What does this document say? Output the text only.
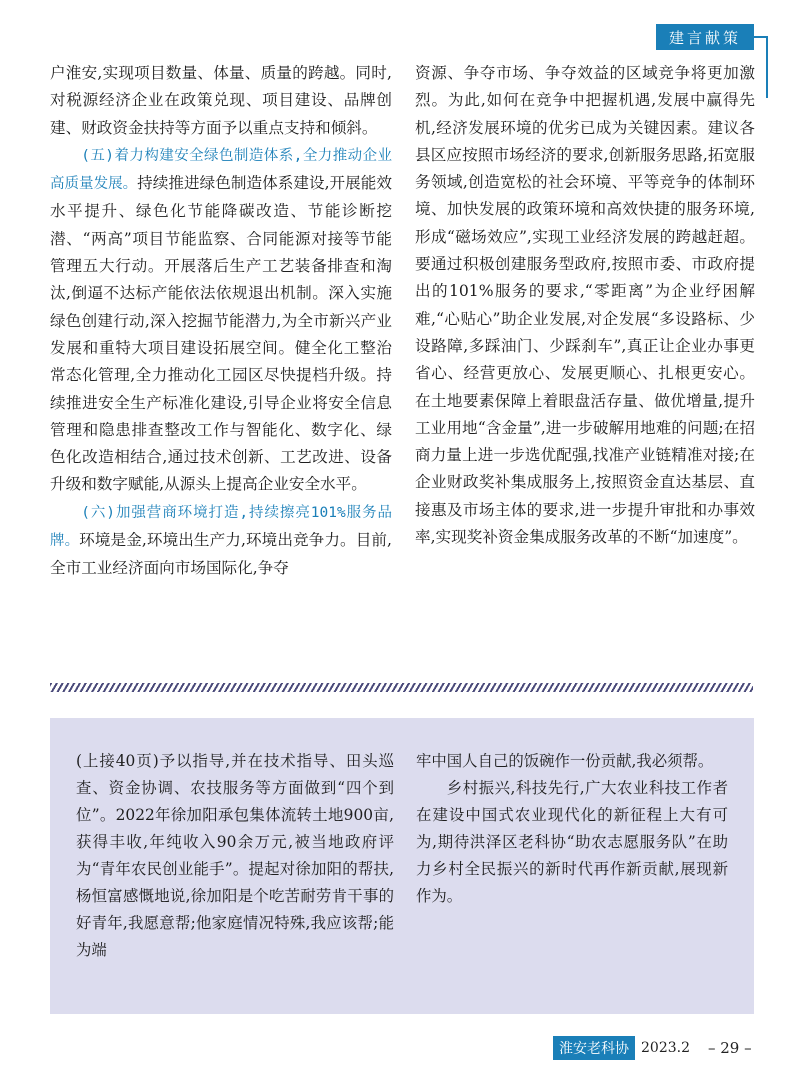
建言献策

户淮安,实现项目数量、体量、质量的跨越。同时,对税源经济企业在政策兑现、项目建设、品牌创建、财政资金扶持等方面予以重点支持和倾斜。

(五)着力构建安全绿色制造体系,全力推动企业高质量发展。持续推进绿色制造体系建设,开展能效水平提升、绿色化节能降碳改造、节能诊断挖潜、“两高”项目节能监察、合同能源对接等节能管理五大行动。开展落后生产工艺装备排查和淘汰,倒逼不达标产能依法依规退出机制。深入实施绿色创建行动,深入挖掘节能潜力,为全市新兴产业发展和重特大项目建设拓展空间。健全化工整治常态化管理,全力推动化工园区尽快提档升级。持续推进安全生产标准化建设,引导企业将安全信息管理和隐患排查整改工作与智能化、数字化、绿色化改造相结合,通过技术创新、工艺改进、设备升级和数字赋能,从源头上提高企业安全水平。

(六)加强营商环境打造,持续擦亮101%服务品牌。环境是金,环境出生产力,环境出竞争力。目前,全市工业经济面向市场国际化,争夺

资源、争夺市场、争夺效益的区域竞争将更加激烈。为此,如何在竞争中把握机遇,发展中赢得先机,经济发展环境的优劣已成为关键因素。建议各县区应按照市场经济的要求,创新服务思路,拓宽服务领域,创造宽松的社会环境、平等竞争的体制环境、加快发展的政策环境和高效快捷的服务环境,形成“磁场效应”,实现工业经济发展的跨越赶超。要通过积极创建服务型政府,按照市委、市政府提出的101%服务的要求,“零距离”为企业纾困解难,“心贴心”助企业发展,对企发展“多设路标、少设路障,多踩油门、少踩刹车”,真正让企业办事更省心、经营更放心、发展更顺心、扎根更安心。在土地要素保障上着眼盘活存量、做优增量,提升工业用地“含金量”,进一步破解用地难的问题;在招商力量上进一步选优配强,找准产业链精准对接;在企业财政奖补集成服务上,按照资金直达基层、直接惠及市场主体的要求,进一步提升审批和办事效率,实现奖补资金集成服务改革的不断“加速度”。

(上接40页)予以指导,并在技术指导、田头巡查、资金协调、农技服务等方面做到“四个到位”。2022年徐加阳承包集体流转土地900亩,获得丰收,年纯收入90余万元,被当地政府评为“青年农民创业能手”。提起对徐加阳的帮扶,杨恒富感慨地说,徐加阳是个吃苦耐劳肯干事的好青年,我愿意帮;他家庭情况特殊,我应该帮;能为端

牢中国人自己的饭碗作一份贡献,我必须帮。

乡村振兴,科技先行,广大农业科技工作者在建设中国式农业现代化的新征程上大有可为,期待洪泽区老科协“助农志愿服务队”在助力乡村全民振兴的新时代再作新贡献,展现新作为。

淮安老科协 2023.2 – 29 –
